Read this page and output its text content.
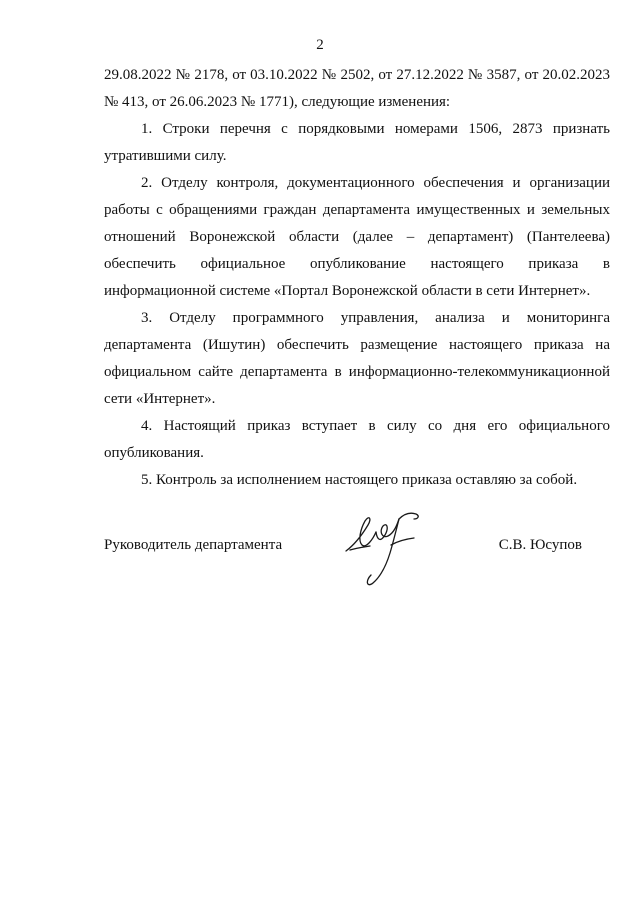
2

29.08.2022 № 2178, от 03.10.2022 № 2502, от 27.12.2022 № 3587, от 20.02.2023 № 413, от 26.06.2023 № 1771), следующие изменения:

1. Строки перечня с порядковыми номерами 1506, 2873 признать утратившими силу.

2. Отделу контроля, документационного обеспечения и организации работы с обращениями граждан департамента имущественных и земельных отношений Воронежской области (далее – департамент) (Пантелеева) обеспечить официальное опубликование настоящего приказа в информационной системе «Портал Воронежской области в сети Интернет».

3. Отделу программного управления, анализа и мониторинга департамента (Ишутин) обеспечить размещение настоящего приказа на официальном сайте департамента в информационно-телекоммуникационной сети «Интернет».

4. Настоящий приказ вступает в силу со дня его официального опубликования.

5. Контроль за исполнением настоящего приказа оставляю за собой.

Руководитель департамента	С.В. Юсупов
